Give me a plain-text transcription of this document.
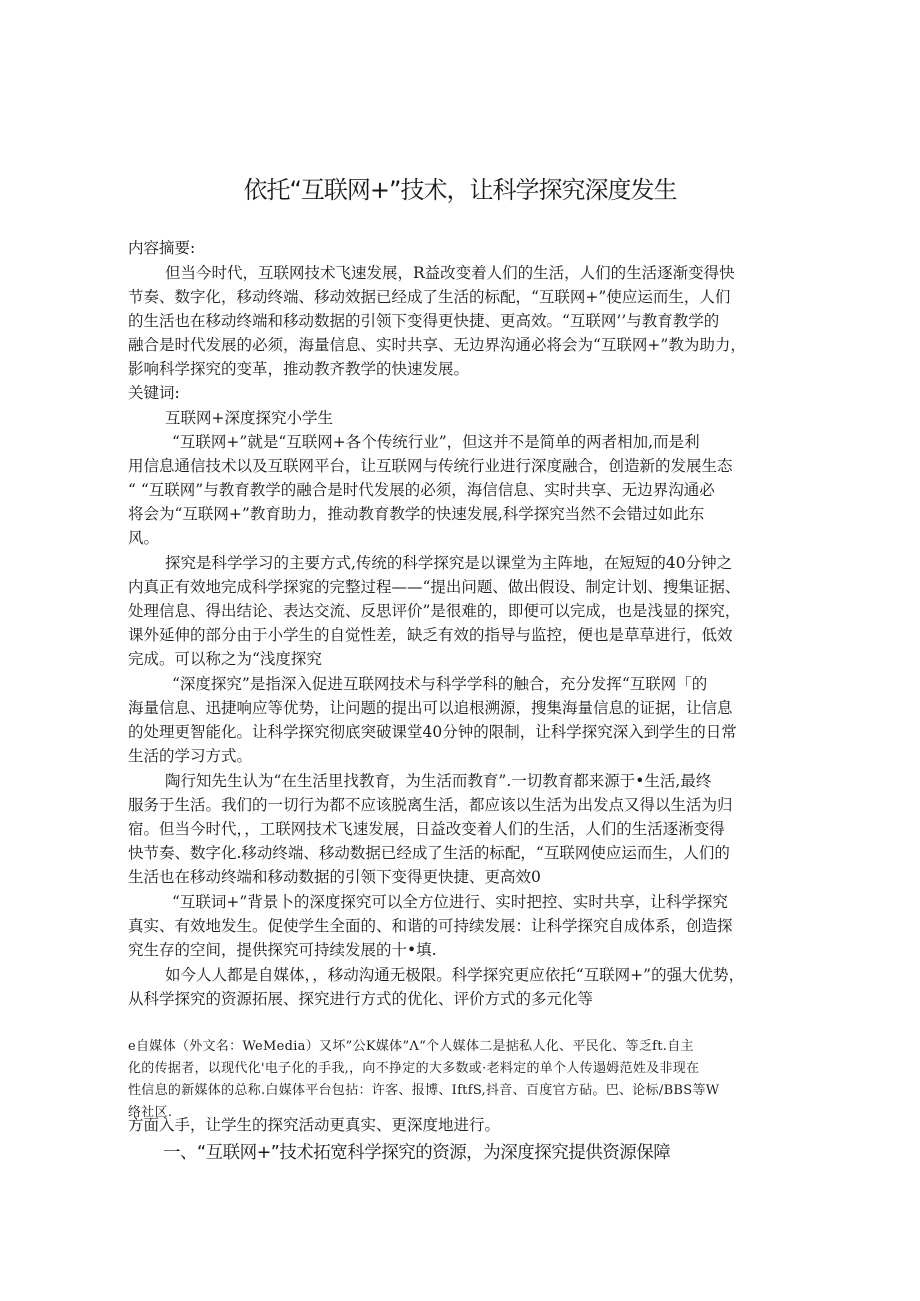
依托“互联网+”技术，让科学探究深度发生
内容摘要:
但当今时代，互联网技术飞速发展，R益改变着人们的生活，人们的生活逐渐变得快
节奏、数字化，移动终端、移动效据已经成了生活的标配，“互联网+”使应运而生，人们
的生活也在移动终端和移动数据的引领下变得更快捷、更高效。“互联网’’与教育教学的
融合是时代发展的必须，海量信息、实时共享、无边界沟通必将会为“互联网+”教为助力，
影响科学探究的变革，推动教齐教学的快速发展。
关键词:
互联网+深度探究小学生
“互联网+”就是“互联网+各个传统行业”，但这并不是简单的两者相加,而是利
用信息通信技术以及互联网平台，让互联网与传统行业进行深度融合，创造新的发展生态
“ “互联网”与教育教学的融合是时代发展的必须，海信信息、实时共享、无边界沟通必
将会为“互联网+”教育助力，推动教育教学的快速发展,科学探究当然不会错过如此东
风。
探究是科学学习的主要方式,传统的科学探究是以课堂为主阵地，在短短的40分钟之
内真正有效地完成科学探窕的完整过程——“提出问题、做出假设、制定计划、搜集证据、
处理信息、得出结论、表达交流、反思评价”是很难的，即便可以完成，也是浅显的探究，
课外延伸的部分由于小学生的自觉性差，缺乏有效的指导与监控，便也是草草进行，低效
完成。可以称之为“浅度探究
“深度探究”是指深入促进互联网技术与科学学科的触合，充分发挥“互联网「的
海量信息、迅捷响应等优势，让问题的提出可以追根溯源，搜集海量信息的证据，让信息
的处理更智能化。让科学探究彻底突破课堂40分钟的限制，让科学探究深入到学生的日常
生活的学习方式。
陶行知先生认为“在生活里找教育，为生活而教育”.一切教育都来源于•生活,最终
服务于生活。我们的一切行为都不应该脱离生活，都应该以生活为出发点又得以生活为归
宿。但当今时代，，工联网技术飞速发展，日益改变着人们的生活，人们的生活逐淅变得
快节奏、数字化.移动终端、移动数据已经成了生活的标配，“互联网使应运而生，人们的
生活也在移动终端和移动数据的引领下变得更快捷、更高效0
“互联词+”背景卜的深度探究可以全方位进行、实时把控、实时共享，让科学探究
真实、有效地发生。促使学生全面的、和谐的可持续发展：让科学探究自成体系，创造探
究生存的空间，提供探究可持续发展的十•填.
如今人人都是自媒体，，移动沟通无极限。科学探究更应依托“互联网+”的强大优势，
从科学探究的资源拓展、探究进行方式的优化、评价方式的多元化等
e自媒体（外文名：WeMedia）又坏”公K媒体”Λ“个人媒体二是掂私人化、平民化、等乏ft.自主
化的传据者，以现代化'电子化的手我,，向不挣定的大多数或·老料定的单个人传遢姆范姓及非现在
性信息的新媒体的总称.白媒体平台包拈：许客、报博、IftfS,抖音、百度官方砧。巴、论标/BBS等W
络社区.
方面入手，让学生的探究活动更真实、更深度地进行。
一、“互联网+”技术拓宽科学探究的资源，为深度探究提供资源保障
